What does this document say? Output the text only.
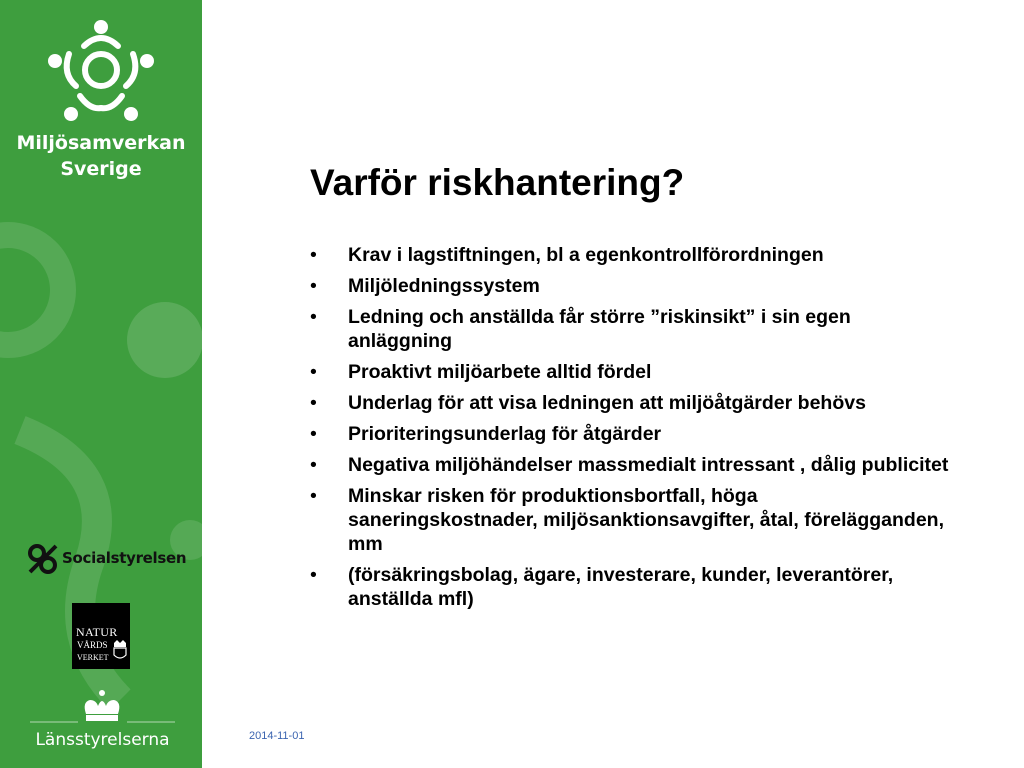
Miljösamverkan
Sverige
Socialstyrelsen
NATUR
VÅRDS
VERKET
Länsstyrelserna
Varför riskhantering?
• Krav i lagstiftningen, bl a egenkontrollförordningen
• Miljöledningssystem
• Ledning och anställda får större ”riskinsikt” i sin egen anläggning
• Proaktivt miljöarbete alltid fördel
• Underlag för att visa ledningen att miljöåtgärder behövs
• Prioriteringsunderlag för åtgärder
• Negativa miljöhändelser massmedialt intressant , dålig publicitet
• Minskar risken för produktionsbortfall, höga saneringskostnader, miljösanktionsavgifter, åtal, förelägganden, mm
• (försäkringsbolag, ägare, investerare, kunder, leverantörer, anställda mfl)
2014-11-01
